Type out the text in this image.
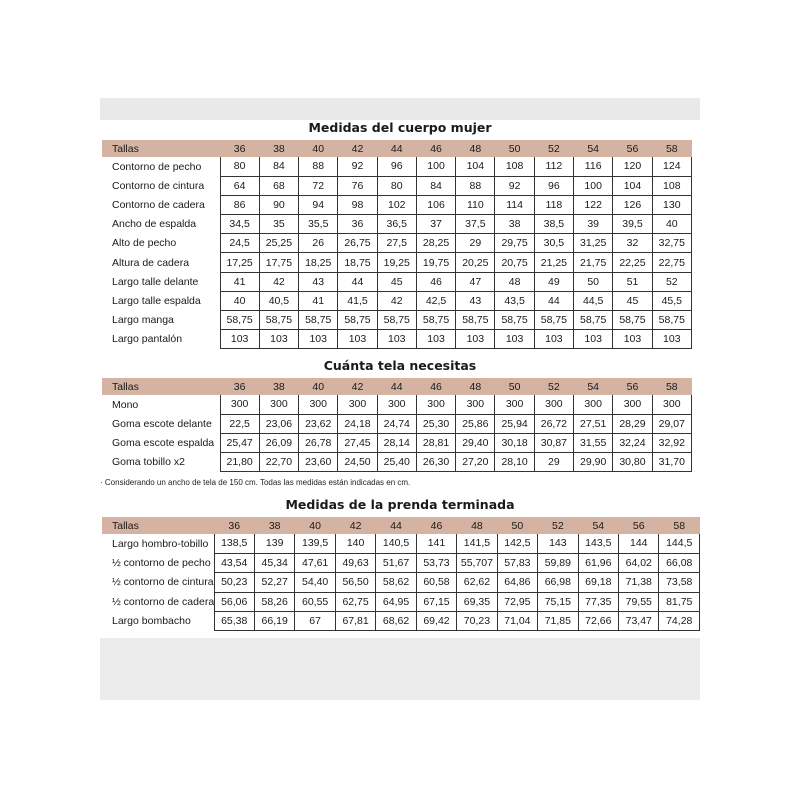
Medidas del cuerpo mujer
Tallas	36	38	40	42	44	46	48	50	52	54	56	58
Contorno de pecho	80	84	88	92	96	100	104	108	112	116	120	124
Contorno de cintura	64	68	72	76	80	84	88	92	96	100	104	108
Contorno de cadera	86	90	94	98	102	106	110	114	118	122	126	130
Ancho de espalda	34,5	35	35,5	36	36,5	37	37,5	38	38,5	39	39,5	40
Alto de pecho	24,5	25,25	26	26,75	27,5	28,25	29	29,75	30,5	31,25	32	32,75
Altura de cadera	17,25	17,75	18,25	18,75	19,25	19,75	20,25	20,75	21,25	21,75	22,25	22,75
Largo talle delante	41	42	43	44	45	46	47	48	49	50	51	52
Largo talle espalda	40	40,5	41	41,5	42	42,5	43	43,5	44	44,5	45	45,5
Largo manga	58,75	58,75	58,75	58,75	58,75	58,75	58,75	58,75	58,75	58,75	58,75	58,75
Largo pantalón	103	103	103	103	103	103	103	103	103	103	103	103
Cuánta tela necesitas
Tallas	36	38	40	42	44	46	48	50	52	54	56	58
Mono	300	300	300	300	300	300	300	300	300	300	300	300
Goma escote delante	22,5	23,06	23,62	24,18	24,74	25,30	25,86	25,94	26,72	27,51	28,29	29,07
Goma escote espalda	25,47	26,09	26,78	27,45	28,14	28,81	29,40	30,18	30,87	31,55	32,24	32,92
Goma tobillo x2	21,80	22,70	23,60	24,50	25,40	26,30	27,20	28,10	29	29,90	30,80	31,70
· Considerando un ancho de tela de 150 cm. Todas las medidas están indicadas en cm.
Medidas de la prenda terminada
Tallas	36	38	40	42	44	46	48	50	52	54	56	58
Largo hombro-tobillo	138,5	139	139,5	140	140,5	141	141,5	142,5	143	143,5	144	144,5
½ contorno de pecho	43,54	45,34	47,61	49,63	51,67	53,73	55,707	57,83	59,89	61,96	64,02	66,08
½ contorno de cintura	50,23	52,27	54,40	56,50	58,62	60,58	62,62	64,86	66,98	69,18	71,38	73,58
½ contorno de cadera	56,06	58,26	60,55	62,75	64,95	67,15	69,35	72,95	75,15	77,35	79,55	81,75
Largo bombacho	65,38	66,19	67	67,81	68,62	69,42	70,23	71,04	71,85	72,66	73,47	74,28
